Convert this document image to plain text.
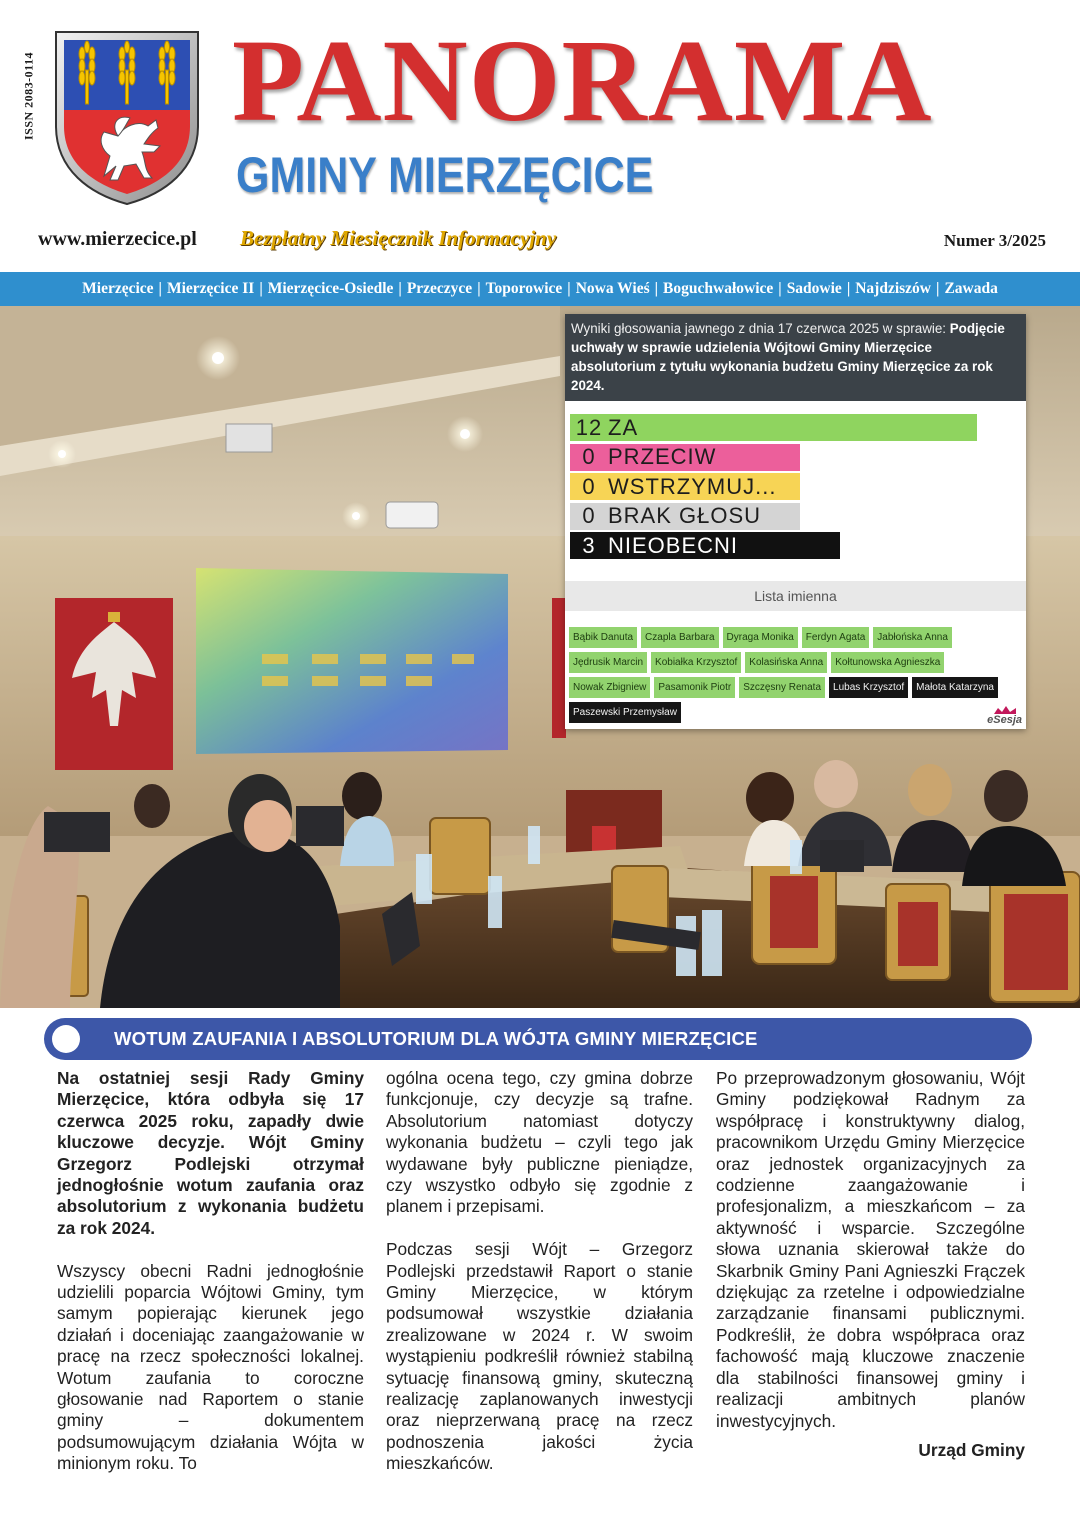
ISSN 2083-0114 PANORAMA
GMINY MIERZĘCICE
www.mierzecice.pl Bezpłatny Miesięcznik Informacyjny	Numer 3/2025
Mierzęcice | Mierzęcice II | Mierzęcice-Osiedle | Przeczyce | Toporowice | Nowa Wieś | Boguchwałowice | Sadowie | Najdziszów | Zawada
Wyniki głosowania jawnego z dnia 17 czerwca 2025 w sprawie: Podjęcie uchwały w sprawie udzielenia Wójtowi Gminy Mierzęcice absolutorium z tytułu wykonania budżetu Gminy Mierzęcice za rok 2024.
12 ZA
0 PRZECIW
0 WSTRZYMUJ...
0 BRAK GŁOSU
3 NIEOBECNI
Lista imienna
Bąbik Danuta	Czapla Barbara	Dyraga Monika	Ferdyn Agata	Jabłońska Anna
Jędrusik Marcin	Kobiałka Krzysztof	Kolasińska Anna	Kołtunowska Agnieszka
Nowak Zbigniew	Pasamonik Piotr	Szczęsny Renata	Lubas Krzysztof	Małota Katarzyna
Paszewski Przemysław
eSesja
WOTUM ZAUFANIA I ABSOLUTORIUM DLA WÓJTA GMINY MIERZĘCICE

Na ostatniej sesji Rady Gminy Mierzęcice, która odbyła się 17 czerwca 2025 roku, zapadły dwie kluczowe decyzje. Wójt Gminy Grzegorz Podlejski otrzymał jednogłośnie wotum zaufania oraz absolutorium z wykonania budżetu za rok 2024.

Wszyscy obecni Radni jednogłośnie udzielili poparcia Wójtowi Gminy, tym samym popierając kierunek jego działań i doceniając zaangażowanie w pracę na rzecz społeczności lokalnej. Wotum zaufania to coroczne głosowanie nad Raportem o stanie gminy – dokumentem podsumowującym działania Wójta w minionym roku. To

ogólna ocena tego, czy gmina dobrze funkcjonuje, czy decyzje są trafne. Absolutorium natomiast dotyczy wykonania budżetu – czyli tego jak wydawane były publiczne pieniądze, czy wszystko odbyło się zgodnie z planem i przepisami.

Podczas sesji Wójt – Grzegorz Podlejski przedstawił Raport o stanie Gminy Mierzęcice, w którym podsumował wszystkie działania zrealizowane w 2024 r. W swoim wystąpieniu podkreślił również stabilną sytuację finansową gminy, skuteczną realizację zaplanowanych inwestycji oraz nieprzerwaną pracę na rzecz podnoszenia jakości życia mieszkańców.

Po przeprowadzonym głosowaniu, Wójt Gminy podziękował Radnym za współpracę i konstruktywny dialog, pracownikom Urzędu Gminy Mierzęcice oraz jednostek organizacyjnych za codzienne zaangażowanie i profesjonalizm, a mieszkańcom – za aktywność i wsparcie. Szczególne słowa uznania skierował także do Skarbnik Gminy Pani Agnieszki Frączek dziękując za rzetelne i odpowiedzialne zarządzanie finansami publicznymi. Podkreślił, że dobra współpraca oraz fachowość mają kluczowe znaczenie dla stabilności finansowej gminy i realizacji ambitnych planów inwestycyjnych.

Urząd Gminy
